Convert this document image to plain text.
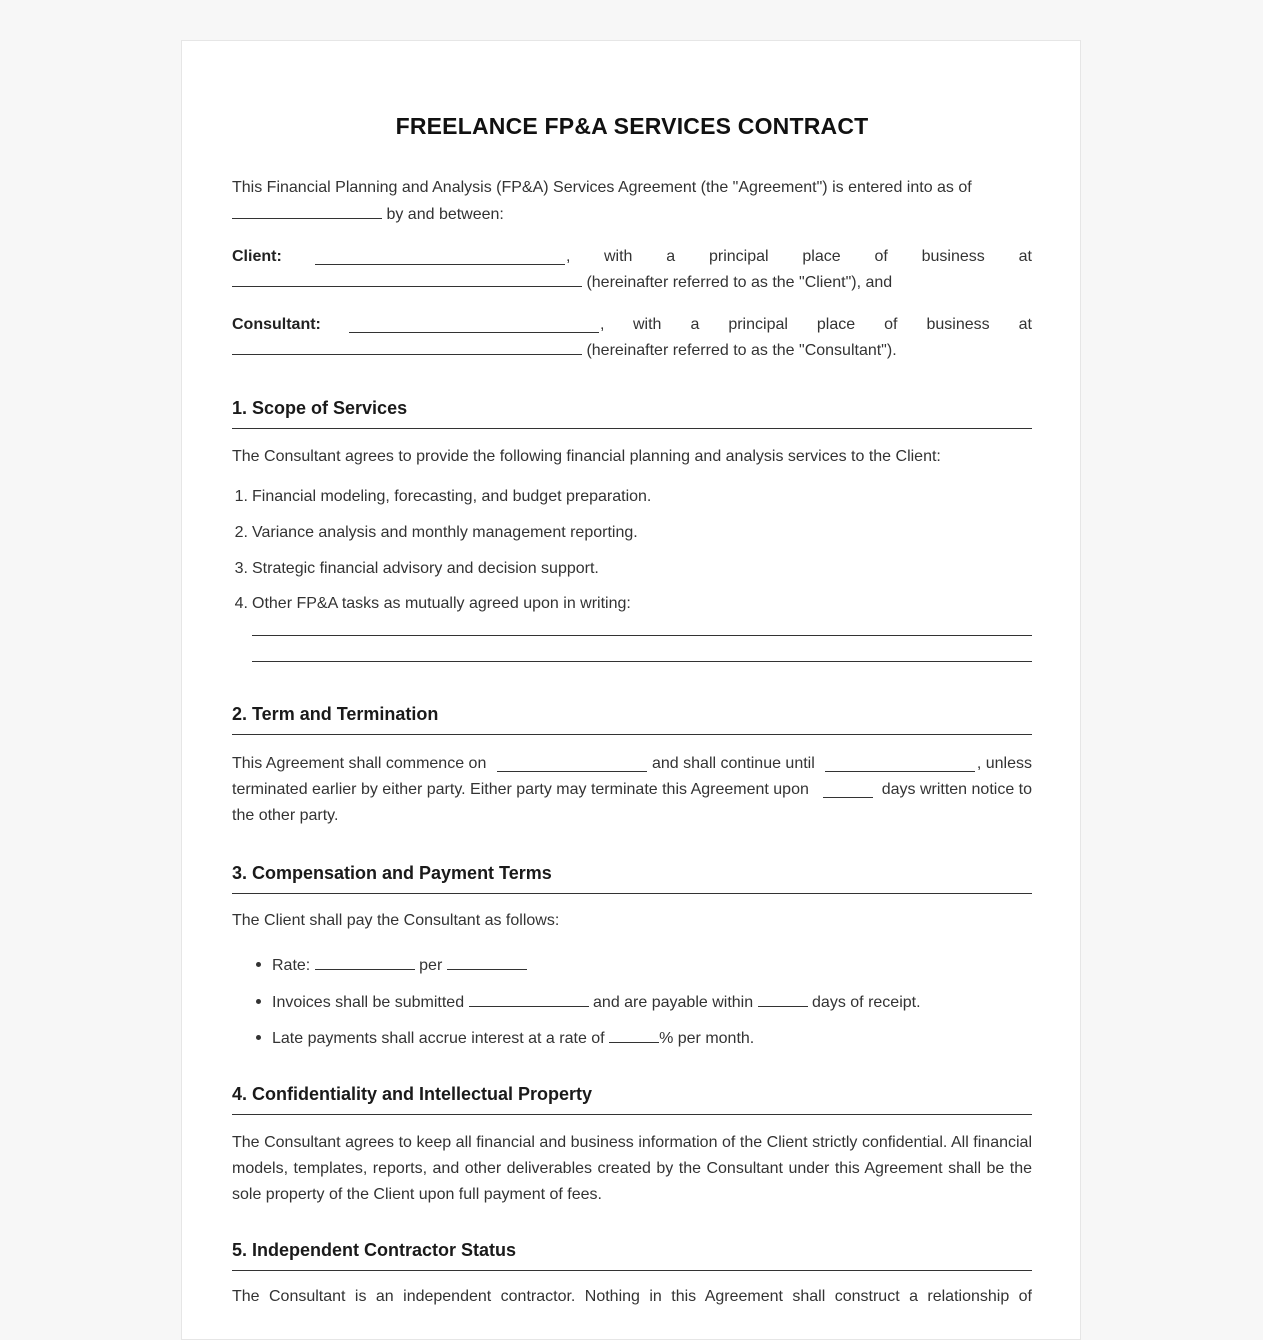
FREELANCE FP&A SERVICES CONTRACT

This Financial Planning and Analysis (FP&A) Services Agreement (the "Agreement") is entered into as of

by and between:
Client:	, with a principal place of business at
(hereinafter referred to as the "Client"), and
Consultant:	, with a principal place of business at
(hereinafter referred to as the "Consultant").
1. Scope of Services

The Consultant agrees to provide the following financial planning and analysis services to the Client:

1. Financial modeling, forecasting, and budget preparation.
2. Variance analysis and monthly management reporting.
3. Strategic financial advisory and decision support.
4. Other FP&A tasks as mutually agreed upon in writing:
2. Term and Termination
This Agreement shall commence on	and shall continue until	, unless
terminated earlier by either party. Either party may terminate this Agreement upon	days written notice to

the other party.

3. Compensation and Payment Terms

The Client shall pay the Consultant as follows:

Rate:	per
Invoices shall be submitted	and are payable within	days of receipt.
Late payments shall accrue interest at a rate of	% per month.
4. Confidentiality and Intellectual Property
The Consultant agrees to keep all financial and business information of the Client strictly confidential. All financial
models, templates, reports, and other deliverables created by the Consultant under this Agreement shall be the
sole property of the Client upon full payment of fees.
5. Independent Contractor Status
The Consultant is an independent contractor. Nothing in this Agreement shall construct a relationship of
